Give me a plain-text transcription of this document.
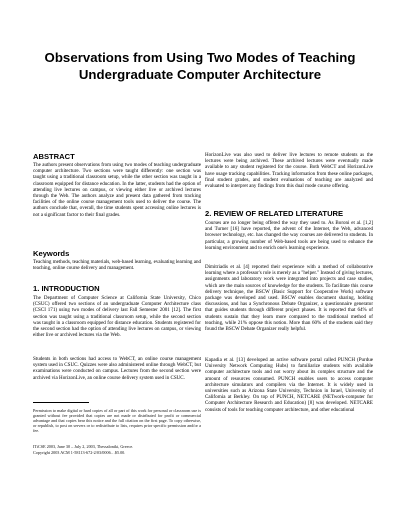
Observations from Using Two Modes of Teaching
Undergraduate Computer Architecture
ABSTRACT
The authors present observations from using two modes of teaching undergraduate computer architecture. Two sections were taught differently: one section was taught using a traditional classroom setup, while the other section was taught in a classroom equipped for distance education. In the latter, students had the option of attending live lectures on campus, or viewing either live or archived lectures through the Web. The authors analyze and present data gathered from tracking facilities of the online course management tools used to deliver the course. The authors conclude that, overall, the time students spent accessing online lectures is not a significant factor to their final grades.
Keywords
Teaching methods, teaching materials, web-based learning, evaluating learning and teaching, online course delivery and management.
1. INTRODUCTION
The Department of Computer Science at California State University, Chico (CSUC) offered two sections of an undergraduate Computer Architecture class (CSCI 171) using two modes of delivery last Fall Semester 2001 [12]. The first section was taught using a traditional classroom setup, while the second section was taught in a classroom equipped for distance education. Students registered for the second section had the option of attending live lectures on campus, or viewing either live or archived lectures via the Web.
Students in both sections had access to WebCT, an online course management system used in CSUC. Quizzes were also administered online through WebCT, but examinations were conducted on campus. Lectures from the second section were archived via HorizonLive, an online course delivery system used in CSUC.
Permission to make digital or hard copies of all or part of this work for personal or classroom use is granted without fee provided that copies are not made or distributed for profit or commercial advantage and that copies bear this notice and the full citation on the first page. To copy otherwise, or republish, to post on servers or to redistribute to lists, requires prior specific permission and/or a fee.
ITiCSE 2003, June 30 – July 2, 2003, Thessaloniki, Greece.
Copyright 2003 ACM 1-58113-672-2/03/0006…$5.00.
HorizonLive was also used to deliver live lectures to remote students as the lectures were being archived. These archived lectures were eventually made available to any student registered for the course. Both WebCT and HorizonLive have usage tracking capabilities. Tracking information from these online packages, final student grades, and student evaluations of teaching are analyzed and evaluated to interpret any findings from this dual mode course offering.
2. REVIEW OF RELATED LITERATURE
Courses are no longer being offered the way they used to. As Boroni et al. [1,2] and Turner [16] have reported, the advent of the Internet, the Web, advanced browser technology, etc. has changed the way courses are delivered to students. In particular, a growing number of Web-based tools are being used to enhance the learning environment and to enrich one's learning experience.
Dimitriadis et al. [4] reported their experience with a method of collaborative learning where a professor's role is merely as a "helper." Instead of giving lectures, assignments and laboratory work were integrated into projects and case studies, which are the main sources of knowledge for the students. To facilitate this course delivery technique, the BSCW (Basic Support for Cooperative Work) software package was developed and used. BSCW enables document sharing, holding discussions, and has a Synchronous Debate Organizer, a questionnaire generator that guides students through different project phases. It is reported that 64% of students sustain that they learn more compared to the traditional method of teaching, while 21% oppose this notion. More than 60% of the students said they found the BSCW Debate Organizer really helpful.
Kapadia et al. [13] developed an active software portal called PUNCH (Purdue University Network Computing Hubs) to familiarize students with available computer architecture tools and not worry about its complex structure and the amount of resources consumed. PUNCH enables users to access computer architecture simulators and compilers via the Internet. It is widely used in universities such as Arizona State University, Technion in Israel, University of California at Berkley. On top of PUNCH, NETCARE (NETwork-computer for Computer Architecture Research and Education) [8] was developed. NETCARE consists of tools for teaching computer architecture, and other educational
